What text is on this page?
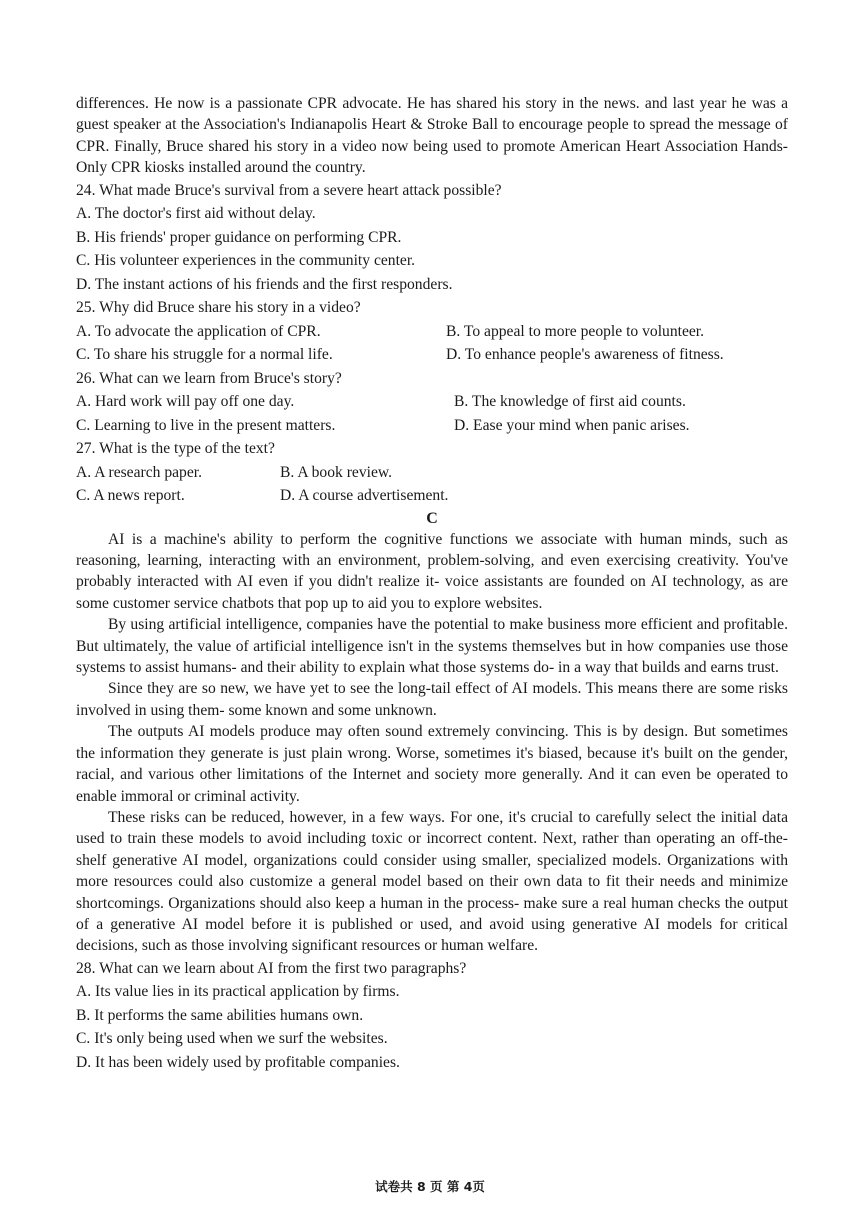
differences. He now is a passionate CPR advocate. He has shared his story in the news. and last year he was a guest speaker at the Association's Indianapolis Heart & Stroke Ball to encourage people to spread the message of CPR. Finally, Bruce shared his story in a video now being used to promote American Heart Association Hands-Only CPR kiosks installed around the country.

24. What made Bruce's survival from a severe heart attack possible?

A. The doctor's first aid without delay.

B. His friends' proper guidance on performing CPR.

C. His volunteer experiences in the community center.

D. The instant actions of his friends and the first responders.

25. Why did Bruce share his story in a video?

A. To advocate the application of CPR.	B. To appeal to more people to volunteer.
C. To share his struggle for a normal life.	D. To enhance people's awareness of fitness.

26. What can we learn from Bruce's story?

A. Hard work will pay off one day.	B. The knowledge of first aid counts.
C. Learning to live in the present matters.	D. Ease your mind when panic arises.

27. What is the type of the text?

A. A research paper.	B. A book review.
C. A news report.	D. A course advertisement.

C

AI is a machine's ability to perform the cognitive functions we associate with human minds, such as reasoning, learning, interacting with an environment, problem-solving, and even exercising creativity. You've probably interacted with AI even if you didn't realize it- voice assistants are founded on AI technology, as are some customer service chatbots that pop up to aid you to explore websites.

By using artificial intelligence, companies have the potential to make business more efficient and profitable. But ultimately, the value of artificial intelligence isn't in the systems themselves but in how companies use those systems to assist humans- and their ability to explain what those systems do- in a way that builds and earns trust.

Since they are so new, we have yet to see the long-tail effect of AI models. This means there are some risks involved in using them- some known and some unknown.

The outputs AI models produce may often sound extremely convincing. This is by design. But sometimes the information they generate is just plain wrong. Worse, sometimes it's biased, because it's built on the gender, racial, and various other limitations of the Internet and society more generally. And it can even be operated to enable immoral or criminal activity.

These risks can be reduced, however, in a few ways. For one, it's crucial to carefully select the initial data used to train these models to avoid including toxic or incorrect content. Next, rather than operating an off-the-shelf generative AI model, organizations could consider using smaller, specialized models. Organizations with more resources could also customize a general model based on their own data to fit their needs and minimize shortcomings. Organizations should also keep a human in the process- make sure a real human checks the output of a generative AI model before it is published or used, and avoid using generative AI models for critical decisions, such as those involving significant resources or human welfare.

28. What can we learn about AI from the first two paragraphs?

A. Its value lies in its practical application by firms.

B. It performs the same abilities humans own.

C. It's only being used when we surf the websites.

D. It has been widely used by profitable companies.

试卷共 8 页 第 4页
